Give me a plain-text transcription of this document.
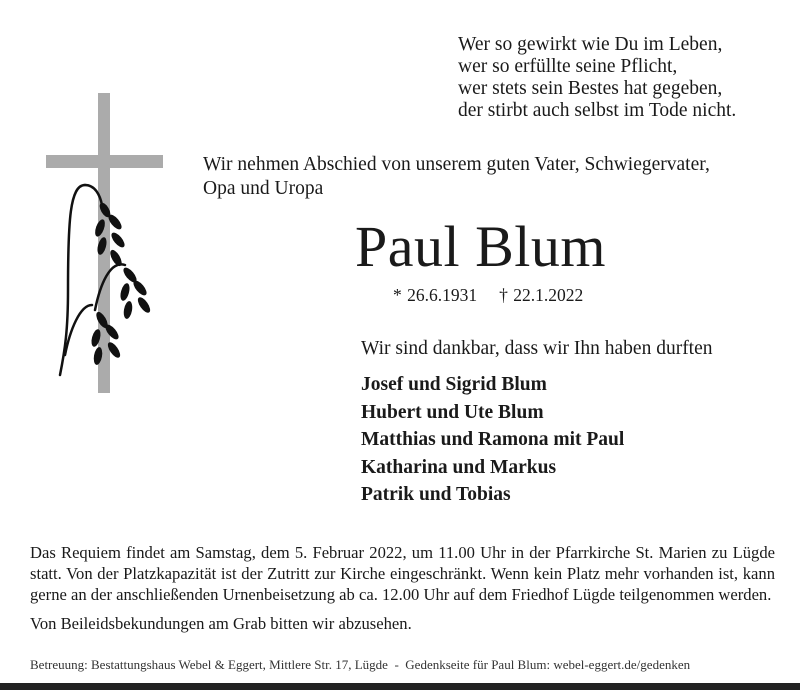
Wer so gewirkt wie Du im Leben,
wer so erfüllte seine Pflicht,
wer stets sein Bestes hat gegeben,
der stirbt auch selbst im Tode nicht.
Wir nehmen Abschied von unserem guten Vater, Schwiegervater,
Opa und Uropa
Paul Blum
* 26.6.1931 † 22.1.2022
Wir sind dankbar, dass wir Ihn haben durften
Josef und Sigrid Blum
Hubert und Ute Blum
Matthias und Ramona mit Paul
Katharina und Markus
Patrik und Tobias

Das Requiem findet am Samstag, dem 5. Februar 2022, um 11.00 Uhr in der Pfarrkirche St. Marien zu Lügde statt. Von der Platzkapazität ist der Zutritt zur Kirche eingeschränkt. Wenn kein Platz mehr vorhanden ist, kann gerne an der anschließenden Urnenbeisetzung ab ca. 12.00 Uhr auf dem Friedhof Lügde teilgenommen werden.

Von Beileidsbekundungen am Grab bitten wir abzusehen.

Betreuung: Bestattungshaus Webel & Eggert, Mittlere Str. 17, Lügde  -  Gedenkseite für Paul Blum: webel-eggert.de/gedenken
